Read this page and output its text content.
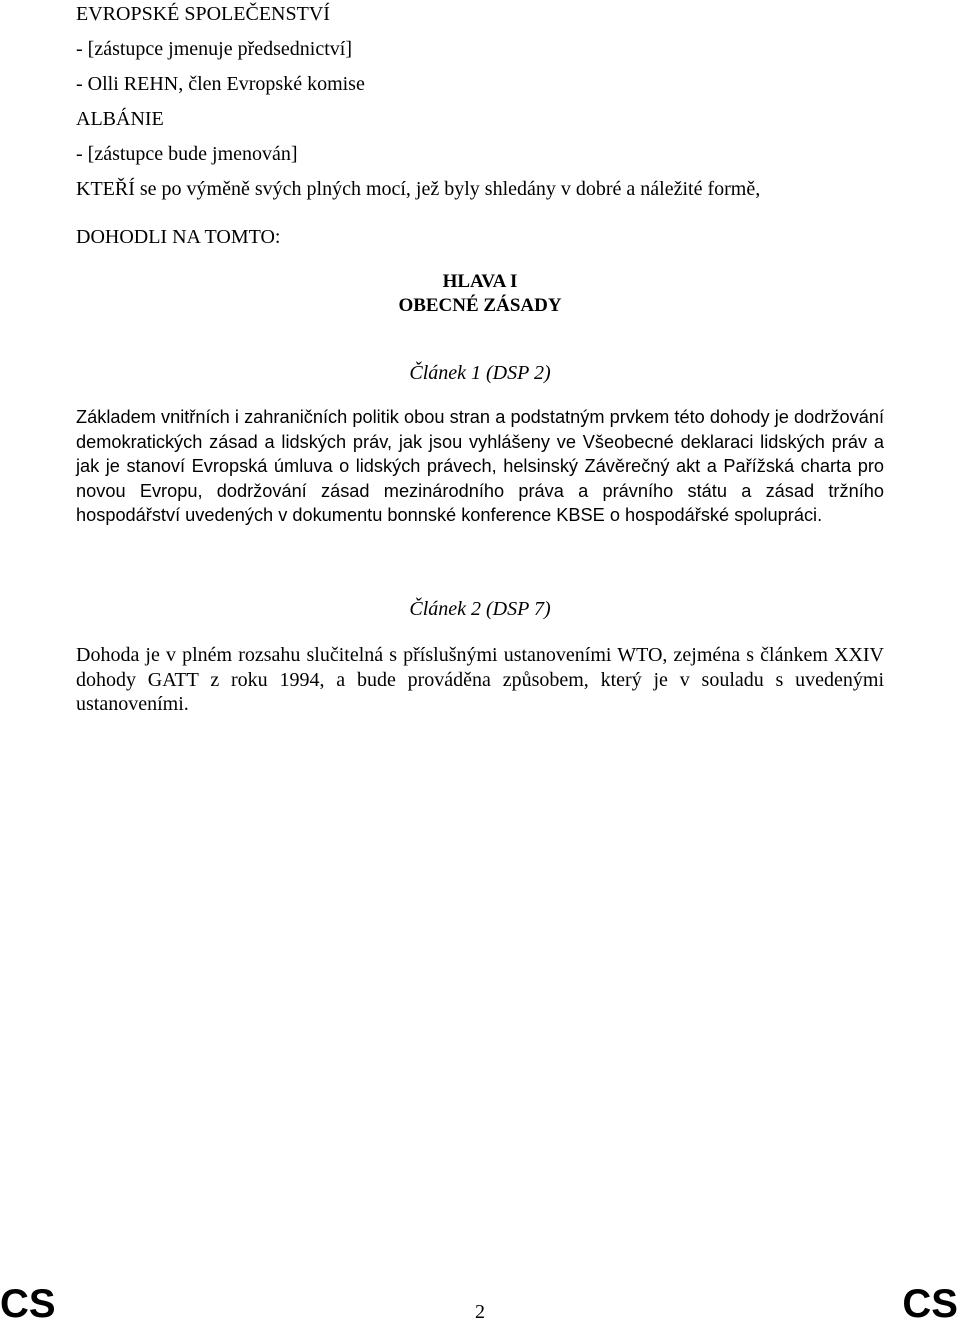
EVROPSKÉ SPOLEČENSTVÍ
- [zástupce jmenuje předsednictví]
- Olli REHN, člen Evropské komise
ALBÁNIE
- [zástupce bude jmenován]
KTEŘÍ se po výměně svých plných mocí, jež byly shledány v dobré a náležité formě,
DOHODLI NA TOMTO:
HLAVA I
OBECNÉ ZÁSADY
Článek 1 (DSP 2)

Základem vnitřních i zahraničních politik obou stran a podstatným prvkem této dohody je dodržování demokratických zásad a lidských práv, jak jsou vyhlášeny ve Všeobecné deklaraci lidských práv a jak je stanoví Evropská úmluva o lidských právech, helsinský Závěrečný akt a Pařížská charta pro novou Evropu, dodržování zásad mezinárodního práva a právního státu a zásad tržního hospodářství uvedených v dokumentu bonnské konference KBSE o hospodářské spolupráci.

Článek 2 (DSP 7)

Dohoda je v plném rozsahu slučitelná s příslušnými ustanoveními WTO, zejména s článkem XXIV dohody GATT z roku 1994, a bude prováděna způsobem, který je v souladu s uvedenými ustanoveními.

CS	2	CS
